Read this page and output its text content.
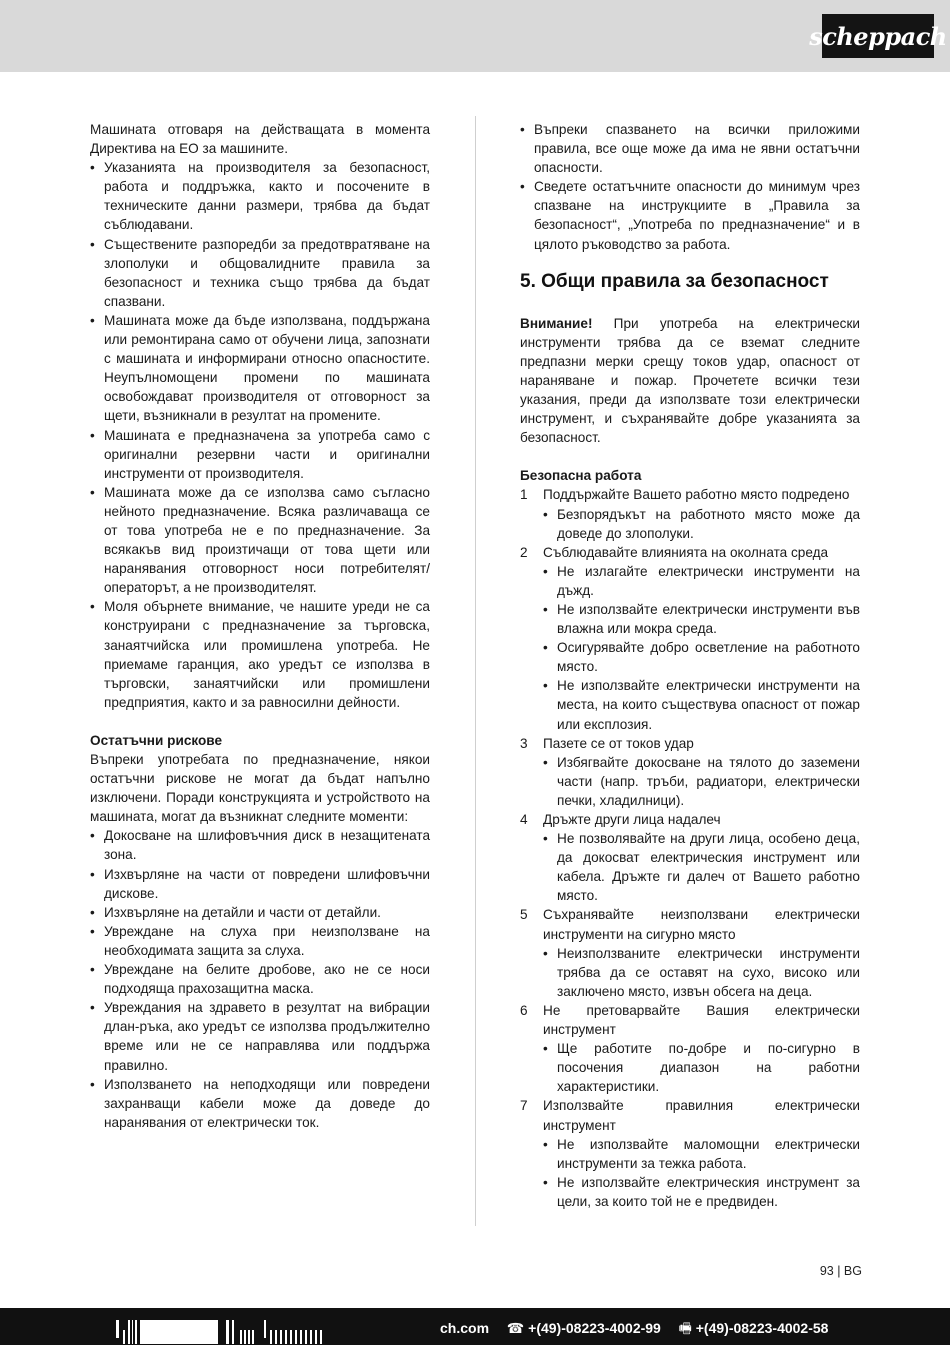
scheppach

Машината отговаря на действащата в момента Директива на ЕО за машините.

• Указанията на производителя за безопасност, работа и поддръжка, както и посочените в техническите данни размери, трябва да бъдат съблюдавани.
• Съществените разпоредби за предотвратяване на злополуки и общовалидните правила за безопасност и техника също трябва да бъдат спазвани.
• Машината може да бъде използвана, поддържана или ремонтирана само от обучени лица, запознати с машината и информирани относно опасностите. Неупълномощени промени по машината освобождават производителя от отговорност за щети, възникнали в резултат на промените.
• Машината е предназначена за употреба само с оригинални резервни части и оригинални инструменти от производителя.
• Машината може да се използва само съгласно нейното предназначение. Всяка различаваща се от това употреба не е по предназначение. За всякакъв вид произтичащи от това щети или наранявания отговорност носи потребителят/операторът, а не производителят.
• Моля обърнете внимание, че нашите уреди не са конструирани с предназначение за търговска, занаятчийска или промишлена употреба. Не приемаме гаранция, ако уредът се използва в търговски, занаятчийски или промишлени предприятия, както и за равносилни дейности.

Остатъчни рискове

Въпреки употребата по предназначение, някои остатъчни рискове не могат да бъдат напълно изключени. Поради конструкцията и устройството на машината, могат да възникнат следните моменти:

• Докосване на шлифовъчния диск в незащитената зона.
• Изхвърляне на части от повредени шлифовъчни дискове.
• Изхвърляне на детайли и части от детайли.
• Увреждане на слуха при неизползване на необходимата защита за слуха.
• Увреждане на белите дробове, ако не се носи подходяща прахозащитна маска.
• Увреждания на здравето в резултат на вибрации длан-ръка, ако уредът се използва продължително време или не се направлява или поддържа правилно.
• Използването на неподходящи или повредени захранващи кабели може да доведе до наранявания от електрически ток.
• Въпреки спазването на всички приложими правила, все още може да има не явни остатъчни опасности.
• Сведете остатъчните опасности до минимум чрез спазване на инструкциите в „Правила за безопасност“, „Употреба по предназначение“ и в цялото ръководство за работа.
5. Общи правила за безопасност

Внимание! При употреба на електрически инструменти трябва да се вземат следните предпазни мерки срещу токов удар, опасност от нараняване и пожар. Прочетете всички тези указания, преди да използвате този електрически инструмент, и съхранявайте добре указанията за безопасност.

Безопасна работа

1 Поддържайте Вашето работно място подредено
• Безпорядъкът на работното място може да доведе до злополуки.
2 Съблюдавайте влиянията на околната среда
• Не излагайте електрически инструменти на дъжд.
• Не използвайте електрически инструменти във влажна или мокра среда.
• Осигурявайте добро осветление на работното място.
• Не използвайте електрически инструменти на места, на които съществува опасност от пожар или експлозия.
3 Пазете се от токов удар
• Избягвайте докосване на тялото до заземени части (напр. тръби, радиатори, електрически печки, хладилници).
4 Дръжте други лица надалеч
• Не позволявайте на други лица, особено деца, да докосват електрическия инструмент или кабела. Дръжте ги далеч от Вашето работно място.
5 Съхранявайте неизползвани електрически инструменти на сигурно място
• Неизползваните електрически инструменти трябва да се оставят на сухо, високо или заключено място, извън обсега на деца.
6 Не претоварвайте Вашия електрически инструмент
• Ще работите по-добре и по-сигурно в посочения диапазон на работни характеристики.
7 Използвайте правилния електрически инструмент
• Не използвайте маломощни електрически инструменти за тежка работа.
• Не използвайте електрическия инструмент за цели, за които той не е предвиден.
93 | BG
ch.com ☎ +(49)-08223-4002-99 🖷 +(49)-08223-4002-58
